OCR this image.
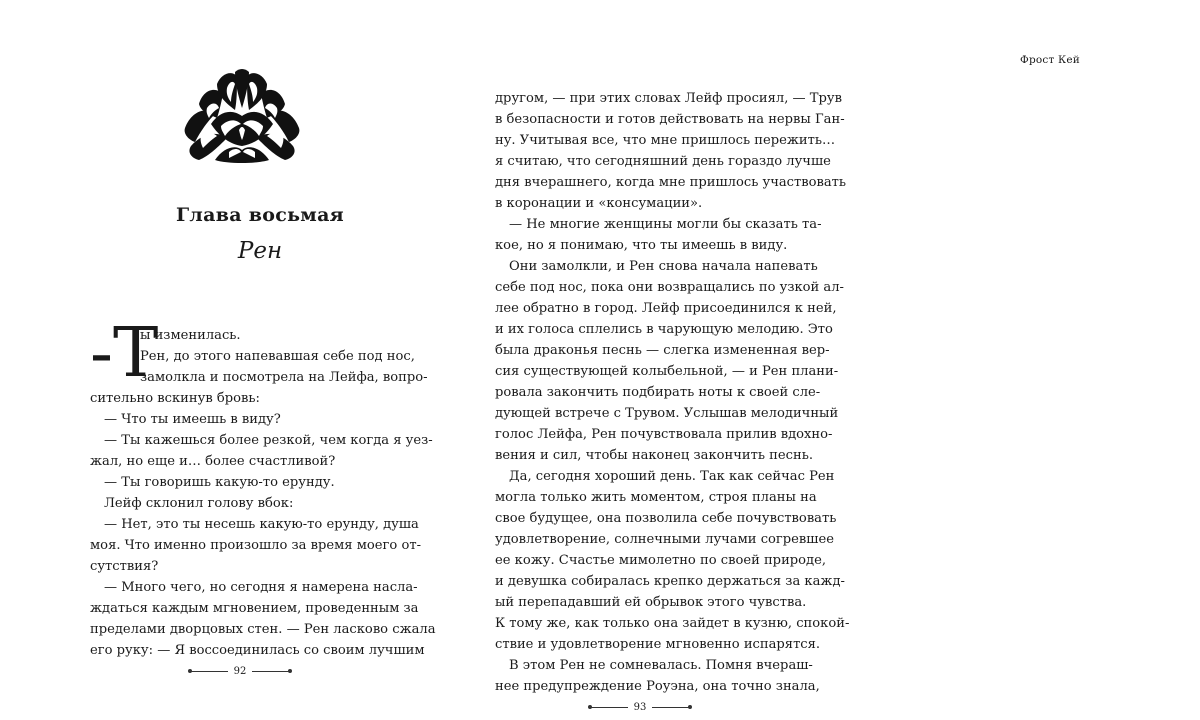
Глава восьмая
Рен
-Т
ы изменилась.
Рен, до этого напевавшая себе под нос,
замолкла и посмотрела на Лейфа, вопро-
сительно вскинув бровь:
— Что ты имеешь в виду?
— Ты кажешься более резкой, чем когда я уез-
жал, но еще и… более счастливой?
— Ты говоришь какую-то ерунду.
Лейф склонил голову вбок:
— Нет, это ты несешь какую-то ерунду, душа
моя. Что именно произошло за время моего от-
сутствия?
— Много чего, но сегодня я намерена насла-
ждаться каждым мгновением, проведенным за
пределами дворцовых стен. — Рен ласково сжала
его руку: — Я воссоединилась со своим лучшим
92
Фрост Кей
другом, — при этих словах Лейф просиял, — Трув
в безопасности и готов действовать на нервы Ган-
ну. Учитывая все, что мне пришлось пережить…
я считаю, что сегодняшний день гораздо лучше
дня вчерашнего, когда мне пришлось участвовать
в коронации и «консумации».
— Не многие женщины могли бы сказать та-
кое, но я понимаю, что ты имеешь в виду.
Они замолкли, и Рен снова начала напевать
себе под нос, пока они возвращались по узкой ал-
лее обратно в город. Лейф присоединился к ней,
и их голоса сплелись в чарующую мелодию. Это
была драконья песнь — слегка измененная вер-
сия существующей колыбельной, — и Рен плани-
ровала закончить подбирать ноты к своей сле-
дующей встрече с Трувом. Услышав мелодичный
голос Лейфа, Рен почувствовала прилив вдохно-
вения и сил, чтобы наконец закончить песнь.
Да, сегодня хороший день. Так как сейчас Рен
могла только жить моментом, строя планы на
свое будущее, она позволила себе почувствовать
удовлетворение, солнечными лучами согревшее
ее кожу. Счастье мимолетно по своей природе,
и девушка собиралась крепко держаться за кажд-
ый перепадавший ей обрывок этого чувства.
К тому же, как только она зайдет в кузню, спокой-
ствие и удовлетворение мгновенно испарятся.
В этом Рен не сомневалась. Помня вчераш-
нее предупреждение Роуэна, она точно знала,
93
